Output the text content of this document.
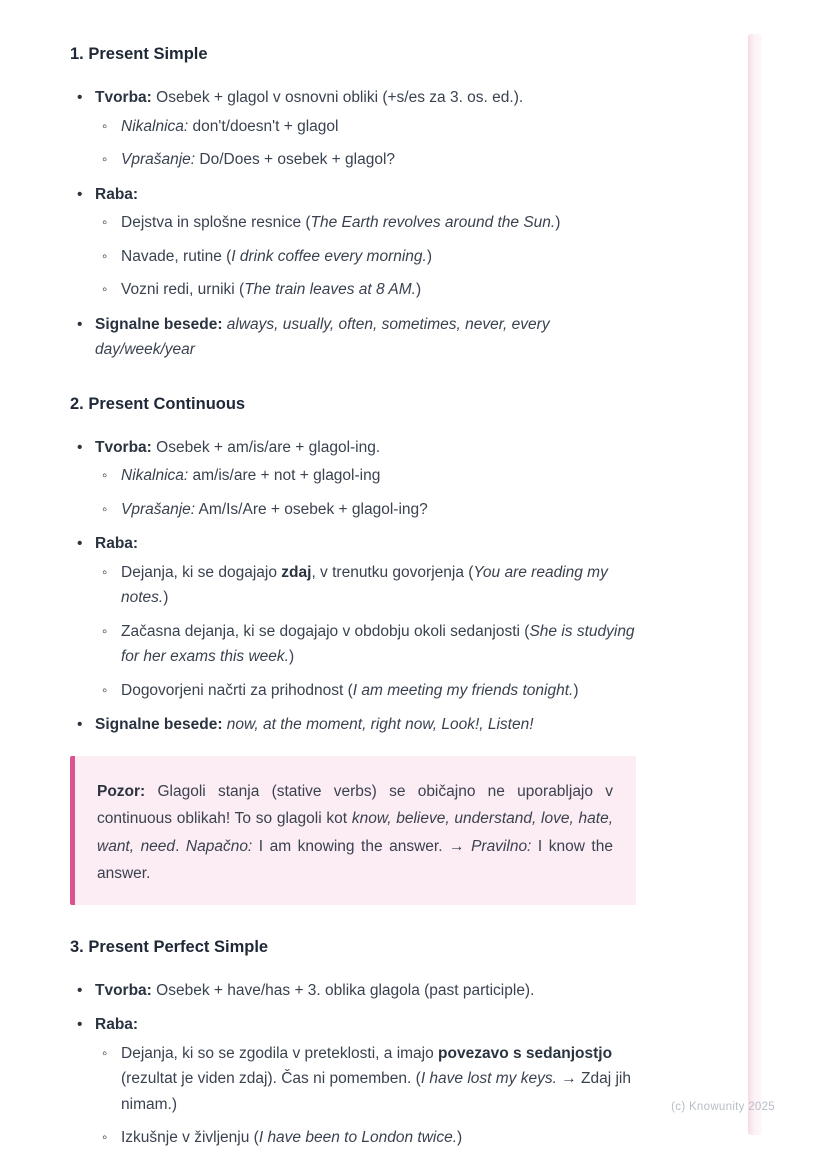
1. Present Simple
• Tvorba: Osebek + glagol v osnovni obliki (+s/es za 3. os. ed.).
◦ Nikalnica: don't/doesn't + glagol
◦ Vprašanje: Do/Does + osebek + glagol?
• Raba:
◦ Dejstva in splošne resnice (The Earth revolves around the Sun.)
◦ Navade, rutine (I drink coffee every morning.)
◦ Vozni redi, urniki (The train leaves at 8 AM.)
• Signalne besede: always, usually, often, sometimes, never, every day/week/year
2. Present Continuous
• Tvorba: Osebek + am/is/are + glagol-ing.
◦ Nikalnica: am/is/are + not + glagol-ing
◦ Vprašanje: Am/Is/Are + osebek + glagol-ing?
• Raba:
◦ Dejanja, ki se dogajajo zdaj, v trenutku govorjenja (You are reading my notes.)
◦ Začasna dejanja, ki se dogajajo v obdobju okoli sedanjosti (She is studying for her exams this week.)
◦ Dogovorjeni načrti za prihodnost (I am meeting my friends tonight.)
• Signalne besede: now, at the moment, right now, Look!, Listen!
Pozor: Glagoli stanja (stative verbs) se običajno ne uporabljajo v continuous oblikah! To so glagoli kot know, believe, understand, love, hate, want, need. Napačno: I am knowing the answer. → Pravilno: I know the answer.
3. Present Perfect Simple
• Tvorba: Osebek + have/has + 3. oblika glagola (past participle).
• Raba:
◦ Dejanja, ki so se zgodila v preteklosti, a imajo povezavo s sedanjostjo (rezultat je viden zdaj). Čas ni pomemben. (I have lost my keys. → Zdaj jih nimam.)
◦ Izkušnje v življenju (I have been to London twice.)
(c) Knowunity 2025
